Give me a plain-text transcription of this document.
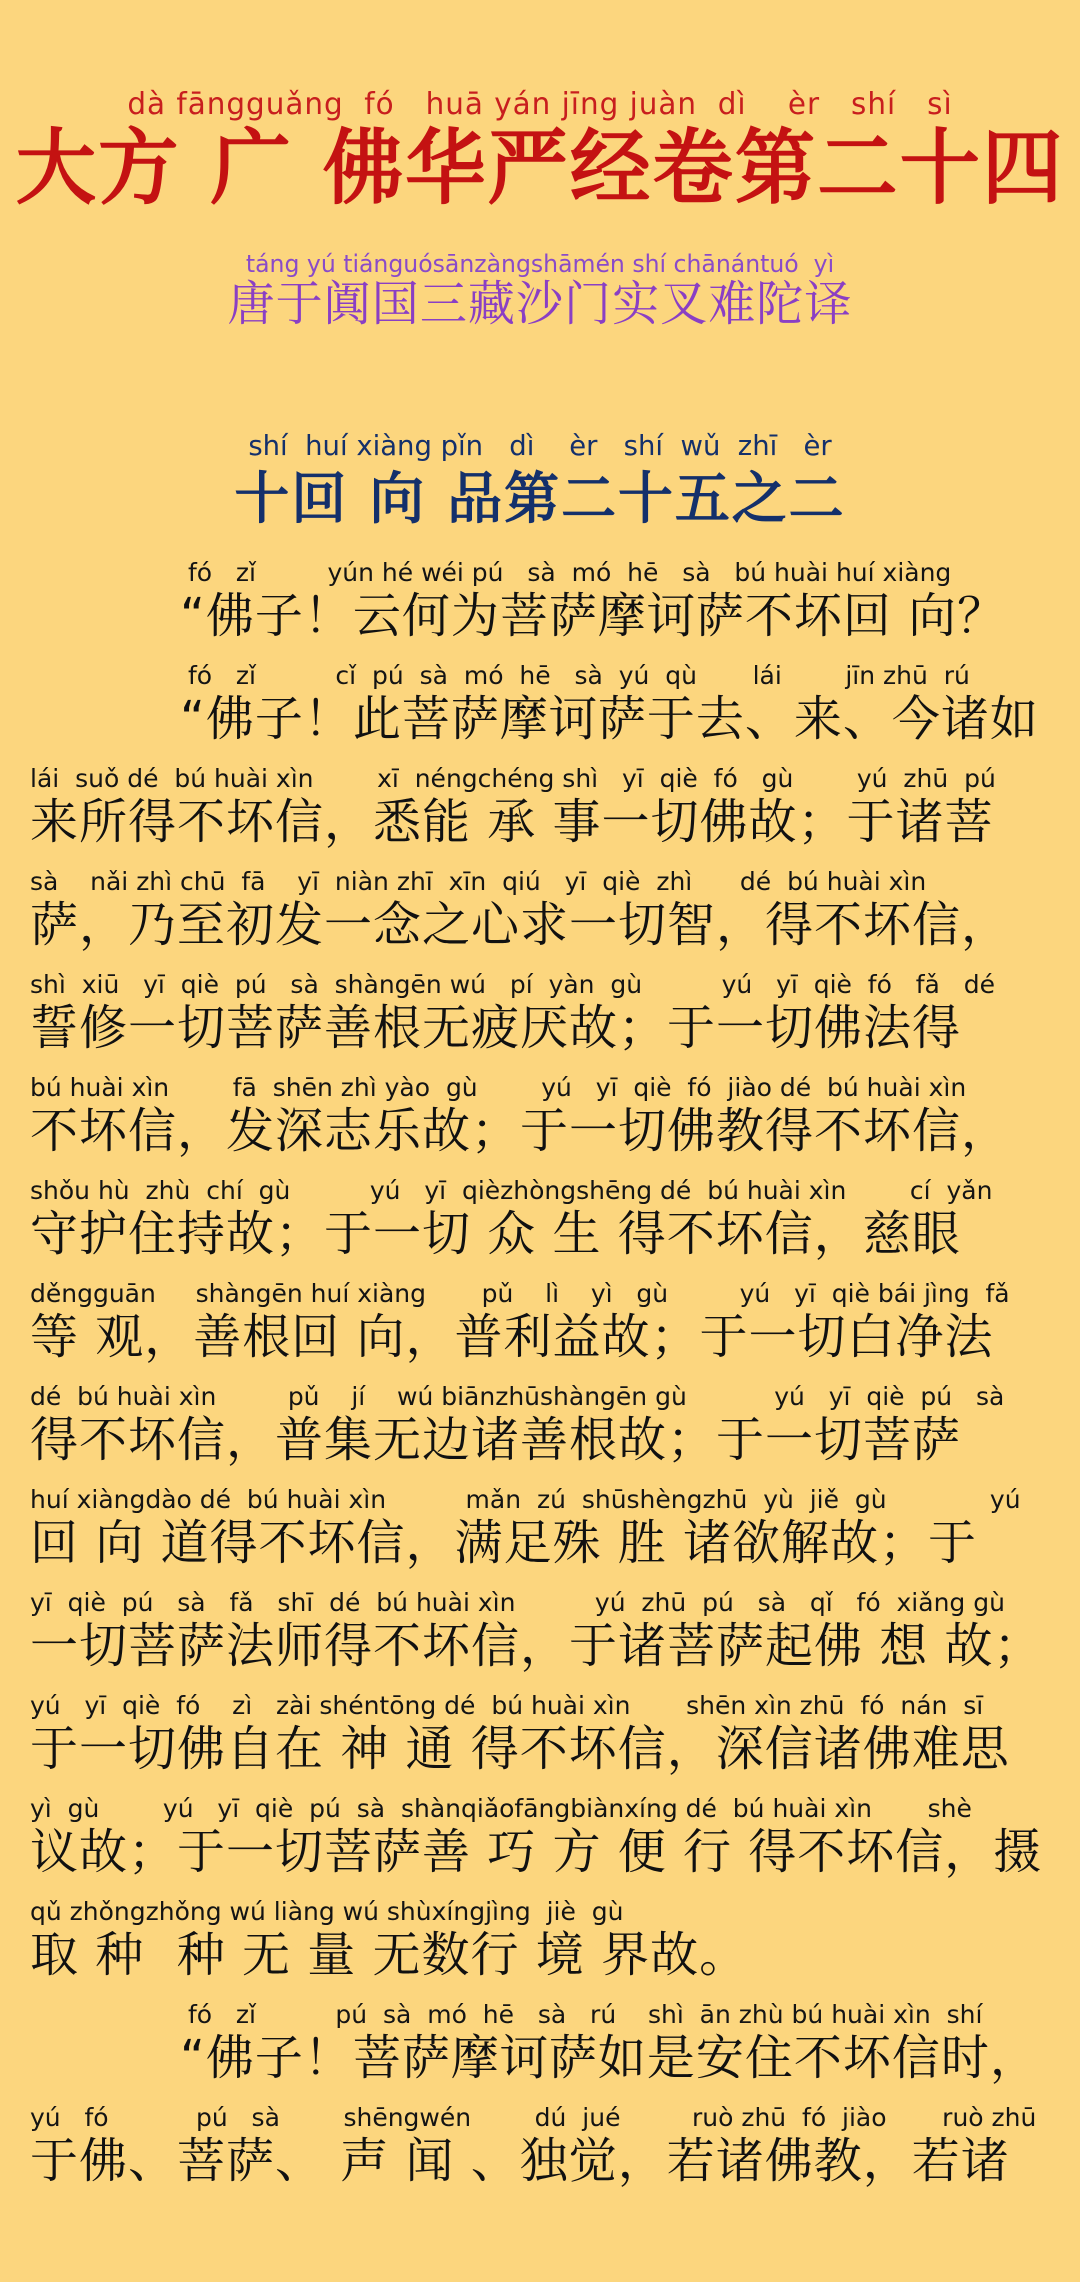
dà fāngguǎng  fó   huā yán jīng juàn  dì    èr   shí   sì
大方 广 佛华严经卷第二十四
táng yú tiánguósānzàngshāmén shí chānántuó  yì
唐于阗国三藏沙门实叉难陀译
shí  huí xiàng pǐn   dì    èr   shí  wǔ  zhī   èr
十回 向 品第二十五之二
fó   zǐ         yún hé wéi pú   sà  mó  hē   sà   bú huài huí xiàng
“佛子！云何为菩萨摩诃萨不坏回 向？
fó   zǐ          cǐ  pú  sà  mó  hē   sà  yú  qù       lái        jīn zhū  rú
“佛子！此菩萨摩诃萨于去、来、今诸如
lái  suǒ dé  bú huài xìn        xī  néngchéng shì   yī  qiè  fó   gù        yú  zhū  pú
来所得不坏信，悉能 承 事一切佛故；于诸菩
sà    nǎi zhì chū  fā    yī  niàn zhī  xīn  qiú   yī  qiè  zhì      dé  bú huài xìn
萨，乃至初发一念之心求一切智，得不坏信，
shì  xiū   yī  qiè  pú   sà  shàngēn wú   pí  yàn  gù          yú   yī  qiè  fó   fǎ   dé
誓修一切菩萨善根无疲厌故；于一切佛法得
bú huài xìn        fā  shēn zhì yào  gù        yú   yī  qiè  fó  jiào dé  bú huài xìn
不坏信，发深志乐故；于一切佛教得不坏信，
shǒu hù  zhù  chí  gù          yú   yī  qièzhòngshēng dé  bú huài xìn        cí  yǎn
守护住持故；于一切 众 生 得不坏信，慈眼
děngguān     shàngēn huí xiàng       pǔ    lì    yì   gù         yú   yī  qiè bái jìng  fǎ
等 观，善根回 向，普利益故；于一切白净法
dé  bú huài xìn         pǔ    jí    wú biānzhūshàngēn gù           yú   yī  qiè  pú   sà
得不坏信，普集无边诸善根故；于一切菩萨
huí xiàngdào dé  bú huài xìn          mǎn  zú  shūshèngzhū  yù  jiě  gù             yú
回 向 道得不坏信，满足殊 胜 诸欲解故；于
yī  qiè  pú   sà   fǎ   shī  dé  bú huài xìn          yú  zhū  pú   sà   qǐ   fó  xiǎng gù
一切菩萨法师得不坏信，于诸菩萨起佛 想 故；
yú   yī  qiè  fó    zì   zài shéntōng dé  bú huài xìn       shēn xìn zhū  fó  nán  sī
于一切佛自在 神 通 得不坏信，深信诸佛难思
yì  gù        yú   yī  qiè  pú  sà  shànqiǎofāngbiànxíng dé  bú huài xìn       shè
议故；于一切菩萨善 巧 方 便 行 得不坏信，摄
qǔ zhǒngzhǒng wú liàng wú shùxíngjìng  jiè  gù
取 种  种 无 量 无数行 境 界故。
fó   zǐ          pú  sà  mó  hē   sà   rú    shì  ān zhù bú huài xìn  shí
“佛子！菩萨摩诃萨如是安住不坏信时，
yú   fó           pú   sà        shēngwén        dú  jué         ruò zhū  fó  jiào       ruò zhū
于佛、菩萨、 声 闻 、独觉，若诸佛教，若诸
